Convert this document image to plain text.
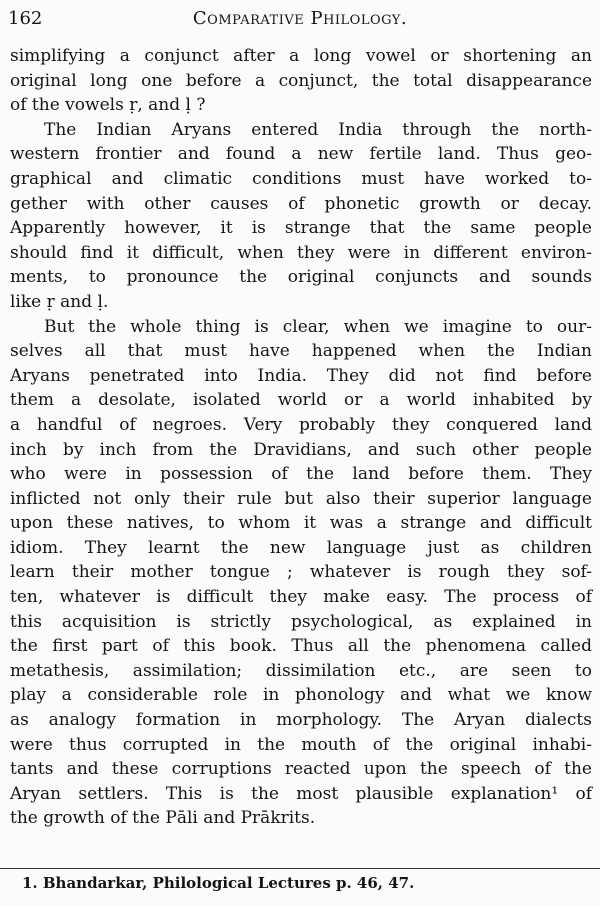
162	Comparative Philology.
simplifying a conjunct after a long vowel or shortening an
original long one before a conjunct, the total disappearance
of the vowels ṛ, and ḷ ?
The Indian Aryans entered India through the north-
western frontier and found a new fertile land. Thus geo-
graphical and climatic conditions must have worked to-
gether with other causes of phonetic growth or decay.
Apparently however, it is strange that the same people
should find it difficult, when they were in different environ-
ments, to pronounce the original conjuncts and sounds
like ṛ and ḷ.
But the whole thing is clear, when we imagine to our-
selves all that must have happened when the Indian
Aryans penetrated into India. They did not find before
them a desolate, isolated world or a world inhabited by
a handful of negroes. Very probably they conquered land
inch by inch from the Dravidians, and such other people
who were in possession of the land before them. They
inflicted not only their rule but also their superior language
upon these natives, to whom it was a strange and difficult
idiom. They learnt the new language just as children
learn their mother tongue ; whatever is rough they sof-
ten, whatever is difficult they make easy. The process of
this acquisition is strictly psychological, as explained in
the first part of this book. Thus all the phenomena called
metathesis, assimilation; dissimilation etc., are seen to
play a considerable role in phonology and what we know
as analogy formation in morphology. The Aryan dialects
were thus corrupted in the mouth of the original inhabi-
tants and these corruptions reacted upon the speech of the
Aryan settlers. This is the most plausible explanation¹ of
the growth of the Pāli and Prākrits.
1. Bhandarkar, Philological Lectures p. 46, 47.
